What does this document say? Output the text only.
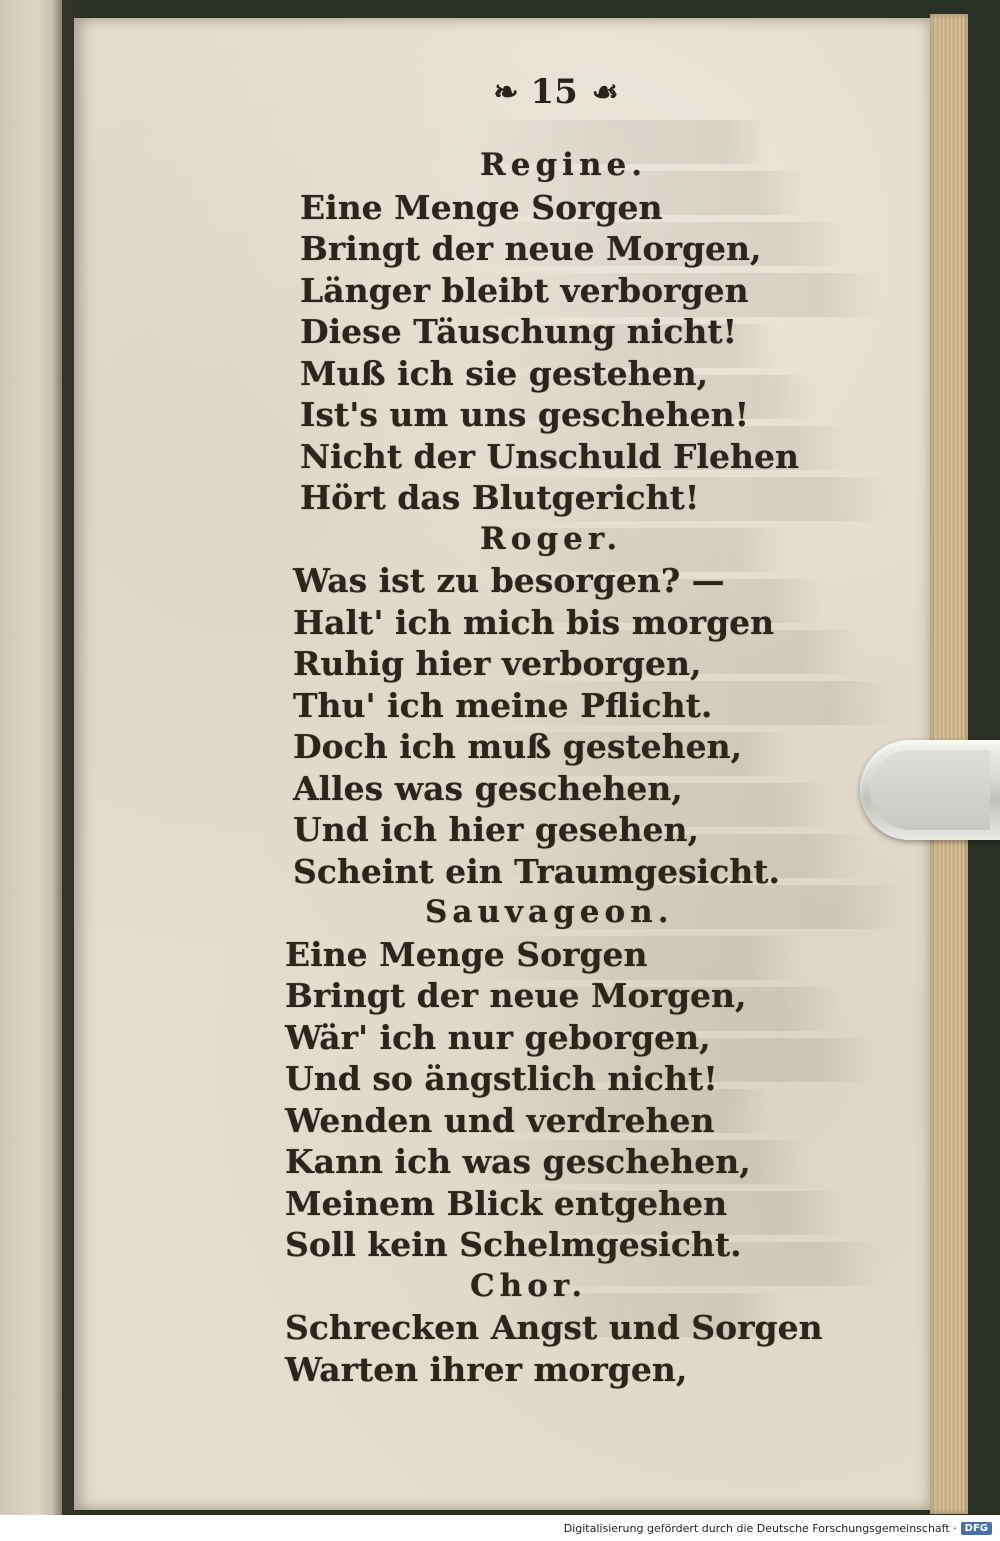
❧ 15 ☙
Regine.
Eine Menge Sorgen
Bringt der neue Morgen,
Länger bleibt verborgen
Diese Täuschung nicht!
Muß ich sie gestehen,
Ist's um uns geschehen!
Nicht der Unschuld Flehen
Hört das Blutgericht!
Roger.
Was ist zu besorgen? —
Halt' ich mich bis morgen
Ruhig hier verborgen,
Thu' ich meine Pflicht.
Doch ich muß gestehen,
Alles was geschehen,
Und ich hier gesehen,
Scheint ein Traumgesicht.
Sauvageon.
Eine Menge Sorgen
Bringt der neue Morgen,
Wär' ich nur geborgen,
Und so ängstlich nicht!
Wenden und verdrehen
Kann ich was geschehen,
Meinem Blick entgehen
Soll kein Schelmgesicht.
Chor.
Schrecken Angst und Sorgen
Warten ihrer morgen,
Digitalisierung gefördert durch die Deutsche Forschungsgemeinschaft · DFG
